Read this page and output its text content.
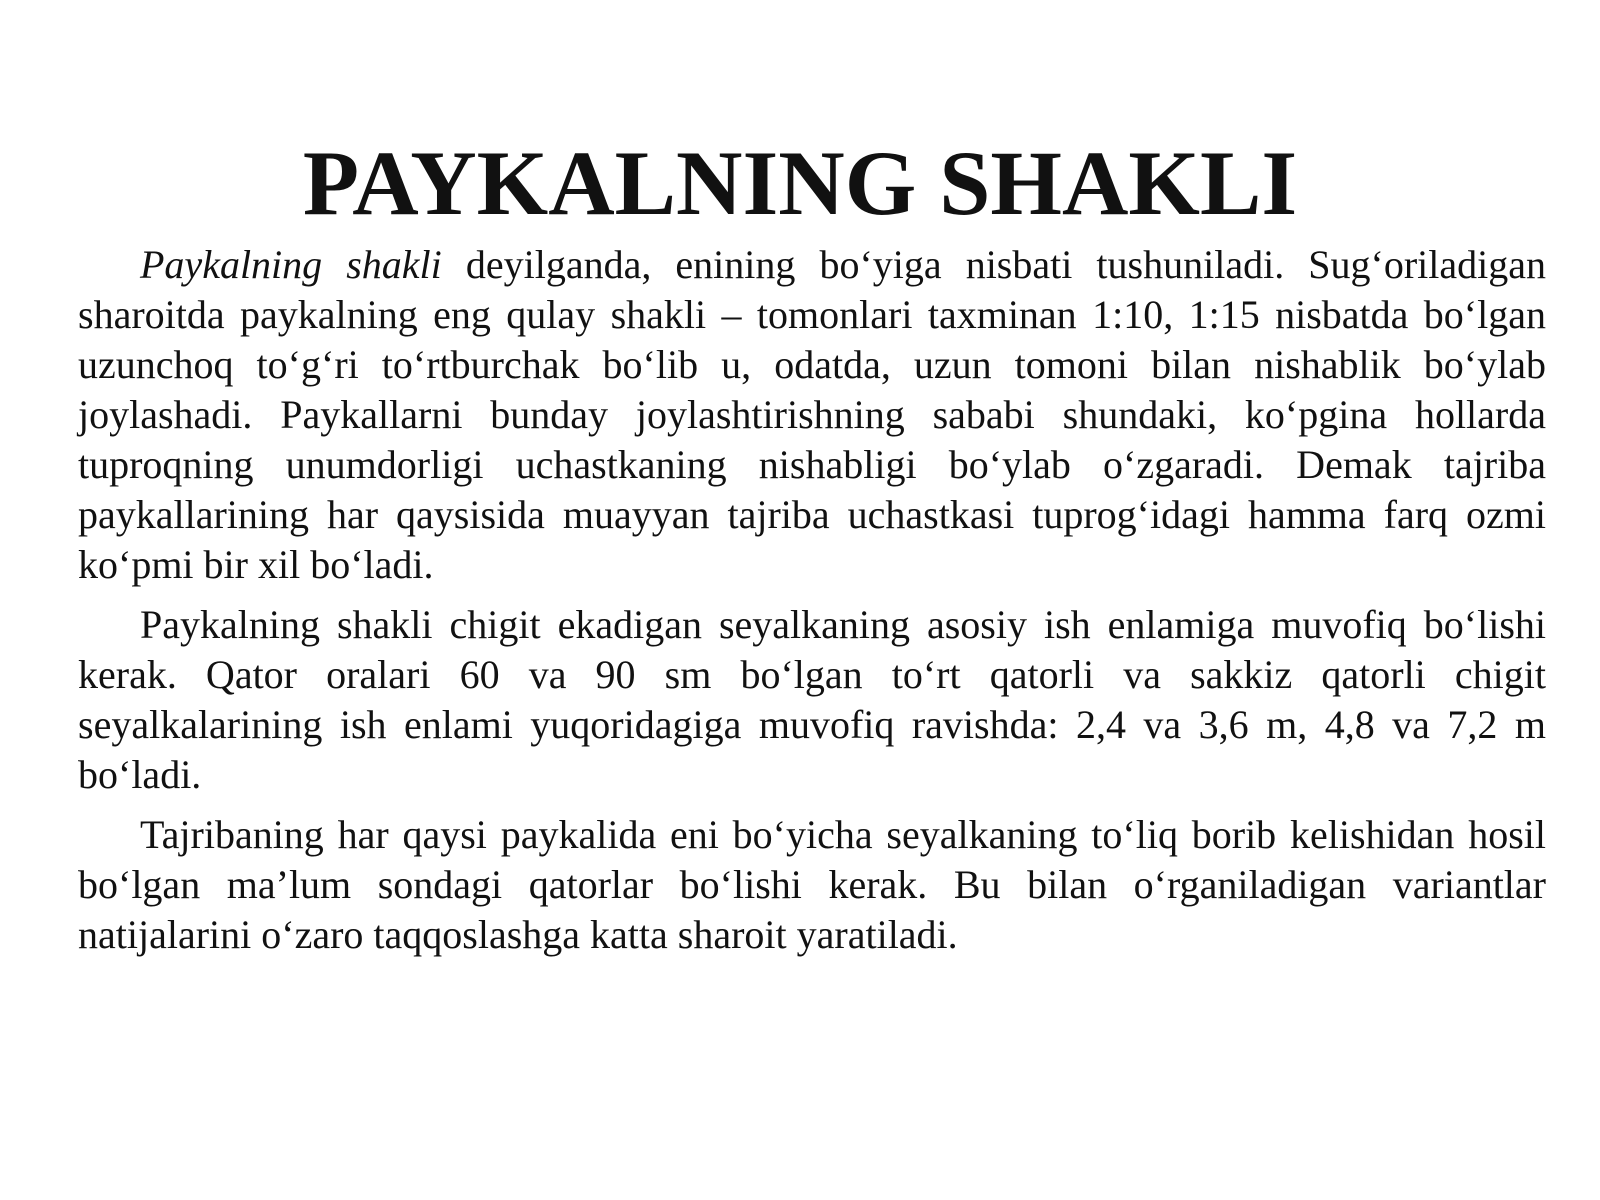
PAYKALNING SHAKLI

Paykalning shakli deyilganda, enining bo‘yiga nisbati tushuniladi. Sug‘oriladigan sharoitda paykalning eng qulay shakli – tomonlari taxminan 1:10, 1:15 nisbatda bo‘lgan uzunchoq to‘g‘ri to‘rtburchak bo‘lib u, odatda, uzun tomoni bilan nishablik bo‘ylab joylashadi. Paykallarni bunday joylashtirishning sababi shundaki, ko‘pgina hollarda tuproqning unumdorligi uchastkaning nishabligi bo‘ylab o‘zgaradi. Demak tajriba paykallarining har qaysisida muayyan tajriba uchastkasi tuprog‘idagi hamma farq ozmi ko‘pmi bir xil bo‘ladi.

Paykalning shakli chigit ekadigan seyalkaning asosiy ish enlamiga muvofiq bo‘lishi kerak. Qator oralari 60 va 90 sm bo‘lgan to‘rt qatorli va sakkiz qatorli chigit seyalkalarining ish enlami yuqoridagiga muvofiq ravishda: 2,4 va 3,6 m, 4,8 va 7,2 m bo‘ladi.

Tajribaning har qaysi paykalida eni bo‘yicha seyalkaning to‘liq borib kelishidan hosil bo‘lgan ma’lum sondagi qatorlar bo‘lishi kerak. Bu bilan o‘rganiladigan variantlar natijalarini o‘zaro taqqoslashga katta sharoit yaratiladi.
